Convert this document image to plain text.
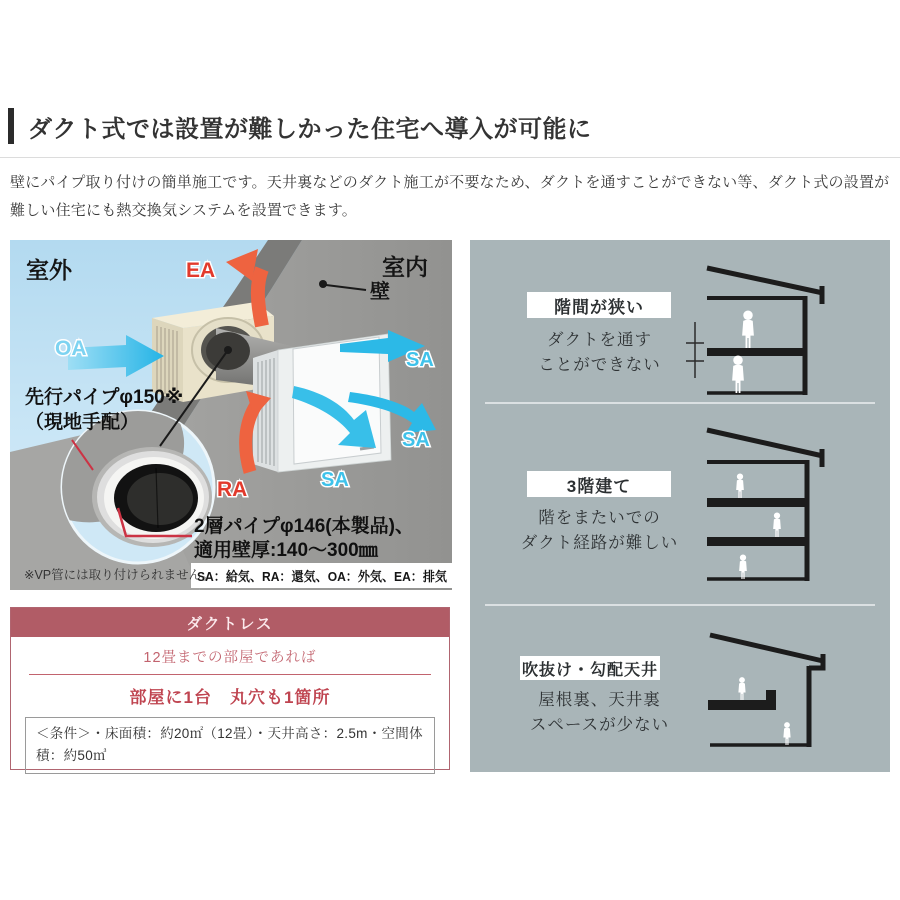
ダクト式では設置が難しかった住宅へ導入が可能に
壁にパイプ取り付けの簡単施工です。天井裏などのダクト施工が不要なため、ダクトを通すことができない等、ダクト式の設置が難しい住宅にも熱交換気システムを設置できます。
室外	室内
壁
EA
OA
RA
SA
SA
SA
先行パイプφ150※
（現地手配）
2層パイプφ146(本製品)、
適用壁厚:140〜300㎜
※VP管には取り付けられません。
SA：給気、RA：還気、OA：外気、EA：排気
ダクトレス
12畳までの部屋であれば
部屋に1台　丸穴も1箇所
＜条件＞・床面積：約20㎡（12畳）・天井高さ：2.5m・空間体積：約50㎥
階間が狭い
ダクトを通す
ことができない
3階建て
階をまたいでの
ダクト経路が難しい
吹抜け・勾配天井
屋根裏、天井裏
スペースが少ない
